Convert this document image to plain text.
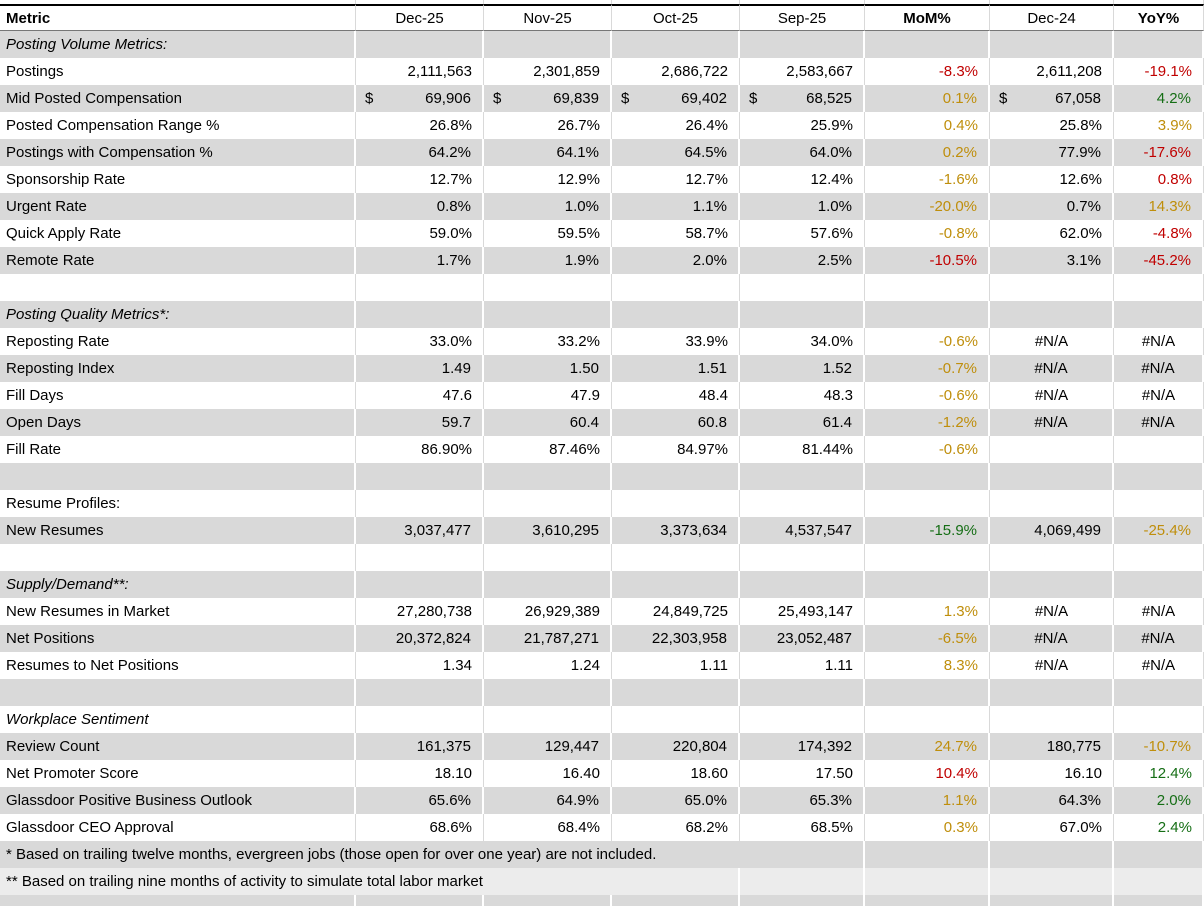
Metric	Dec-25	Nov-25	Oct-25	Sep-25	MoM%	Dec-24	YoY%
Posting Volume Metrics:							
Postings	2,111,563	2,301,859	2,686,722	2,583,667	-8.3%	2,611,208	-19.1%
Mid Posted Compensation	$ 69,906	$ 69,839	$ 69,402	$ 68,525	0.1%	$ 67,058	4.2%
Posted Compensation Range %	26.8%	26.7%	26.4%	25.9%	0.4%	25.8%	3.9%
Postings with Compensation %	64.2%	64.1%	64.5%	64.0%	0.2%	77.9%	-17.6%
Sponsorship Rate	12.7%	12.9%	12.7%	12.4%	-1.6%	12.6%	0.8%
Urgent Rate	0.8%	1.0%	1.1%	1.0%	-20.0%	0.7%	14.3%
Quick Apply Rate	59.0%	59.5%	58.7%	57.6%	-0.8%	62.0%	-4.8%
Remote Rate	1.7%	1.9%	2.0%	2.5%	-10.5%	3.1%	-45.2%

Posting Quality Metrics*:							
Reposting Rate	33.0%	33.2%	33.9%	34.0%	-0.6%	#N/A	#N/A
Reposting Index	1.49	1.50	1.51	1.52	-0.7%	#N/A	#N/A
Fill Days	47.6	47.9	48.4	48.3	-0.6%	#N/A	#N/A
Open Days	59.7	60.4	60.8	61.4	-1.2%	#N/A	#N/A
Fill Rate	86.90%	87.46%	84.97%	81.44%	-0.6%		

Resume Profiles:							
New Resumes	3,037,477	3,610,295	3,373,634	4,537,547	-15.9%	4,069,499	-25.4%

Supply/Demand**:							
New Resumes in Market	27,280,738	26,929,389	24,849,725	25,493,147	1.3%	#N/A	#N/A
Net Positions	20,372,824	21,787,271	22,303,958	23,052,487	-6.5%	#N/A	#N/A
Resumes to Net Positions	1.34	1.24	1.11	1.11	8.3%	#N/A	#N/A

Workplace Sentiment							
Review Count	161,375	129,447	220,804	174,392	24.7%	180,775	-10.7%
Net Promoter Score	18.10	16.40	18.60	17.50	10.4%	16.10	12.4%
Glassdoor Positive Business Outlook	65.6%	64.9%	65.0%	65.3%	1.1%	64.3%	2.0%
Glassdoor CEO Approval	68.6%	68.4%	68.2%	68.5%	0.3%	67.0%	2.4%
* Based on trailing twelve months, evergreen jobs (those open for over one year) are not included.							
** Based on trailing nine months of activity to simulate total labor market							
